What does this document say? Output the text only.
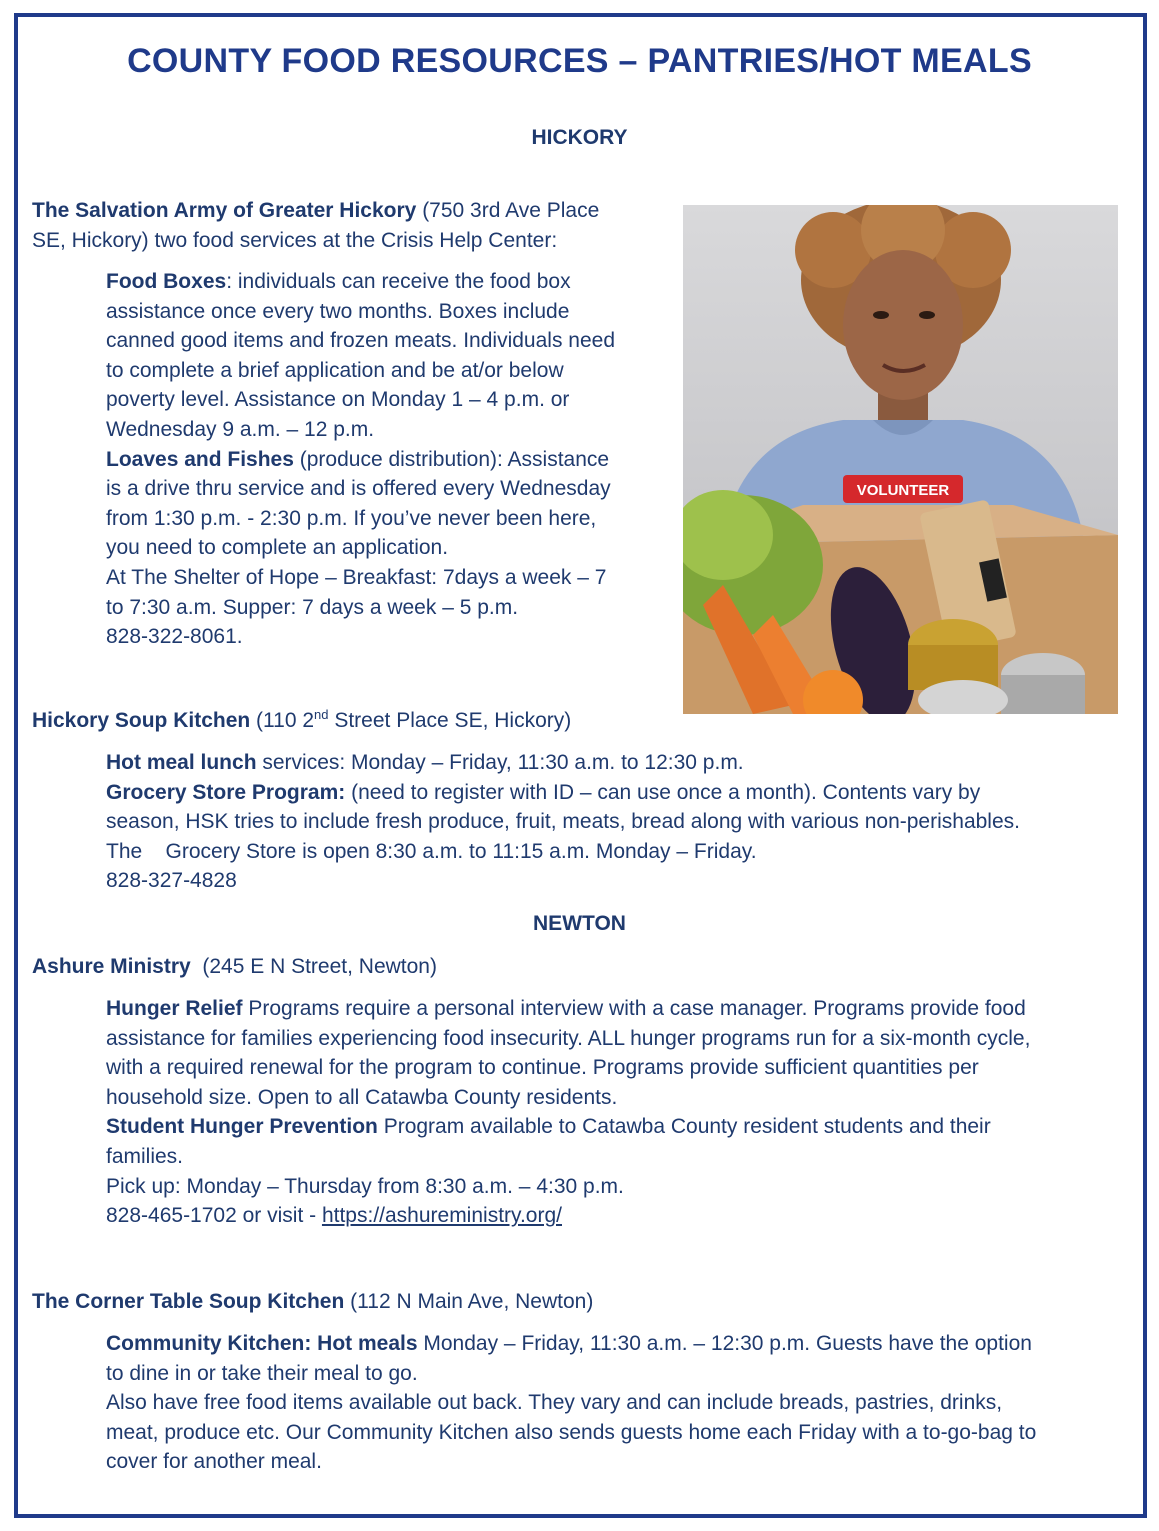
COUNTY FOOD RESOURCES – PANTRIES/HOT MEALS
HICKORY
The Salvation Army of Greater Hickory (750 3rd Ave Place
SE, Hickory) two food services at the Crisis Help Center:

Food Boxes: individuals can receive the food box

assistance once every two months. Boxes include

canned good items and frozen meats. Individuals need

to complete a brief application and be at/or below

poverty level. Assistance on Monday 1 – 4 p.m. or

Wednesday 9 a.m. – 12 p.m.

Loaves and Fishes (produce distribution): Assistance

is a drive thru service and is offered every Wednesday

from 1:30 p.m. - 2:30 p.m. If you’ve never been here,

you need to complete an application.

At The Shelter of Hope – Breakfast: 7days a week – 7

to 7:30 a.m. Supper: 7 days a week – 5 p.m.

828-322-8061.

VOLUNTEER
Hickory Soup Kitchen (110 2nd Street Place SE, Hickory)

Hot meal lunch services: Monday – Friday, 11:30 a.m. to 12:30 p.m.

Grocery Store Program: (need to register with ID – can use once a month). Contents vary by

season, HSK tries to include fresh produce, fruit, meats, bread along with various non-perishables.

The    Grocery Store is open 8:30 a.m. to 11:15 a.m. Monday – Friday.

828-327-4828

NEWTON
Ashure Ministry  (245 E N Street, Newton)

Hunger Relief Programs require a personal interview with a case manager. Programs provide food

assistance for families experiencing food insecurity. ALL hunger programs run for a six-month cycle,

with a required renewal for the program to continue. Programs provide sufficient quantities per

household size. Open to all Catawba County residents.

Student Hunger Prevention Program available to Catawba County resident students and their

families.

Pick up: Monday – Thursday from 8:30 a.m. – 4:30 p.m.

828-465-1702 or visit - https://ashureministry.org/

The Corner Table Soup Kitchen (112 N Main Ave, Newton)

Community Kitchen: Hot meals Monday – Friday, 11:30 a.m. – 12:30 p.m. Guests have the option

to dine in or take their meal to go.

Also have free food items available out back. They vary and can include breads, pastries, drinks,

meat, produce etc. Our Community Kitchen also sends guests home each Friday with a to-go-bag to

cover for another meal.
